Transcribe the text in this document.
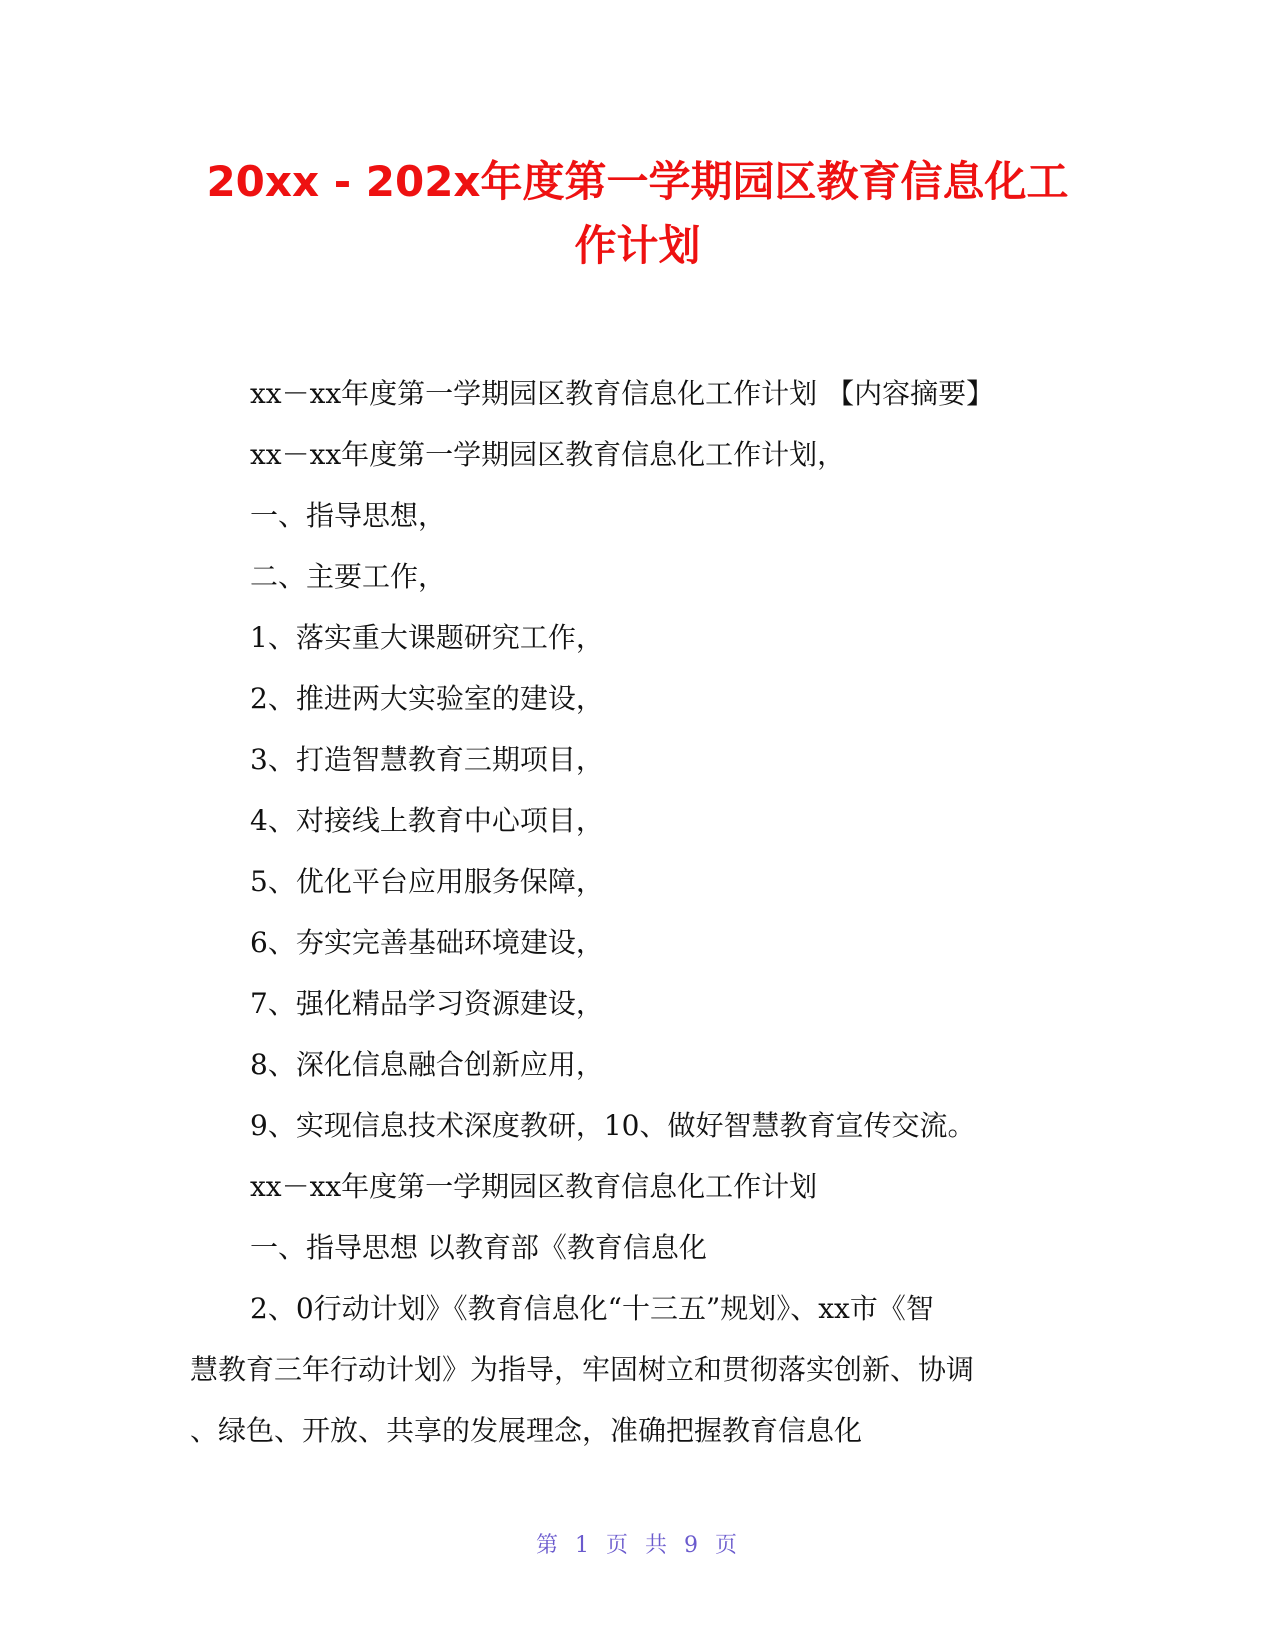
20xx - 202x年度第一学期园区教育信息化工
作计划

xx－xx年度第一学期园区教育信息化工作计划 【内容摘要】

xx－xx年度第一学期园区教育信息化工作计划，

一、指导思想，

二、主要工作，

1、落实重大课题研究工作，

2、推进两大实验室的建设，

3、打造智慧教育三期项目，

4、对接线上教育中心项目，

5、优化平台应用服务保障，

6、夯实完善基础环境建设，

7、强化精品学习资源建设，

8、深化信息融合创新应用，

9、实现信息技术深度教研，10、做好智慧教育宣传交流。

xx－xx年度第一学期园区教育信息化工作计划

一、指导思想 以教育部《教育信息化

2、0行动计划》《教育信息化“十三五”规划》、xx市《智

慧教育三年行动计划》为指导，牢固树立和贯彻落实创新、协调

、绿色、开放、共享的发展理念，准确把握教育信息化

第 1 页 共 9 页
